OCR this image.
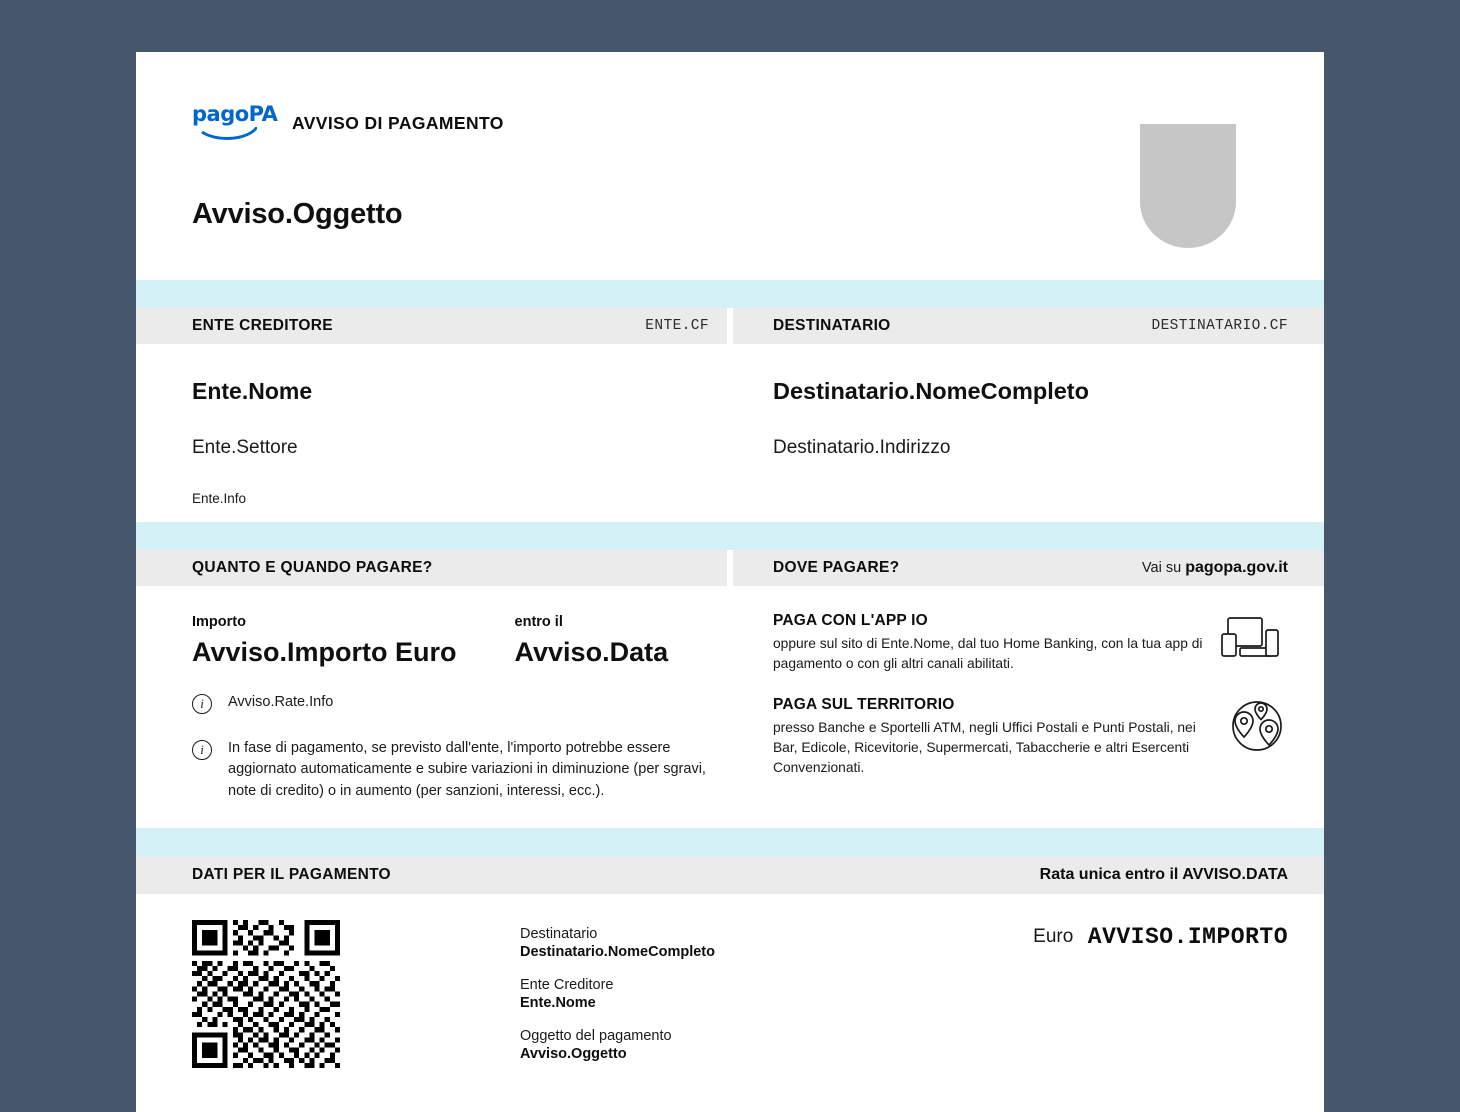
pagoPA AVVISO DI PAGAMENTO
Avviso.Oggetto
ENTE CREDITORE	ENTE.CF
Ente.Nome
Ente.Settore
Ente.Info
DESTINATARIO	DESTINATARIO.CF
Destinatario.NomeCompleto
Destinatario.Indirizzo
QUANTO E QUANDO PAGARE?
Importo
Avviso.Importo Euro
entro il
Avviso.Data
i	Avviso.Rate.Info
i	In fase di pagamento, se previsto dall'ente, l'importo potrebbe essere aggiornato automaticamente e subire variazioni in diminuzione (per sgravi, note di credito) o in aumento (per sanzioni, interessi, ecc.).
DOVE PAGARE?	Vai su pagopa.gov.it
PAGA CON L'APP IO
oppure sul sito di Ente.Nome, dal tuo Home Banking, con la tua app di pagamento o con gli altri canali abilitati.
PAGA SUL TERRITORIO
presso Banche e Sportelli ATM, negli Uffici Postali e Punti Postali, nei Bar, Edicole, Ricevitorie, Supermercati, Tabaccherie e altri Esercenti Convenzionati.
DATI PER IL PAGAMENTO	Rata unica entro il AVVISO.DATA
Destinatario
Destinatario.NomeCompleto
Ente Creditore
Ente.Nome
Oggetto del pagamento
Avviso.Oggetto
Euro AVVISO.IMPORTO
